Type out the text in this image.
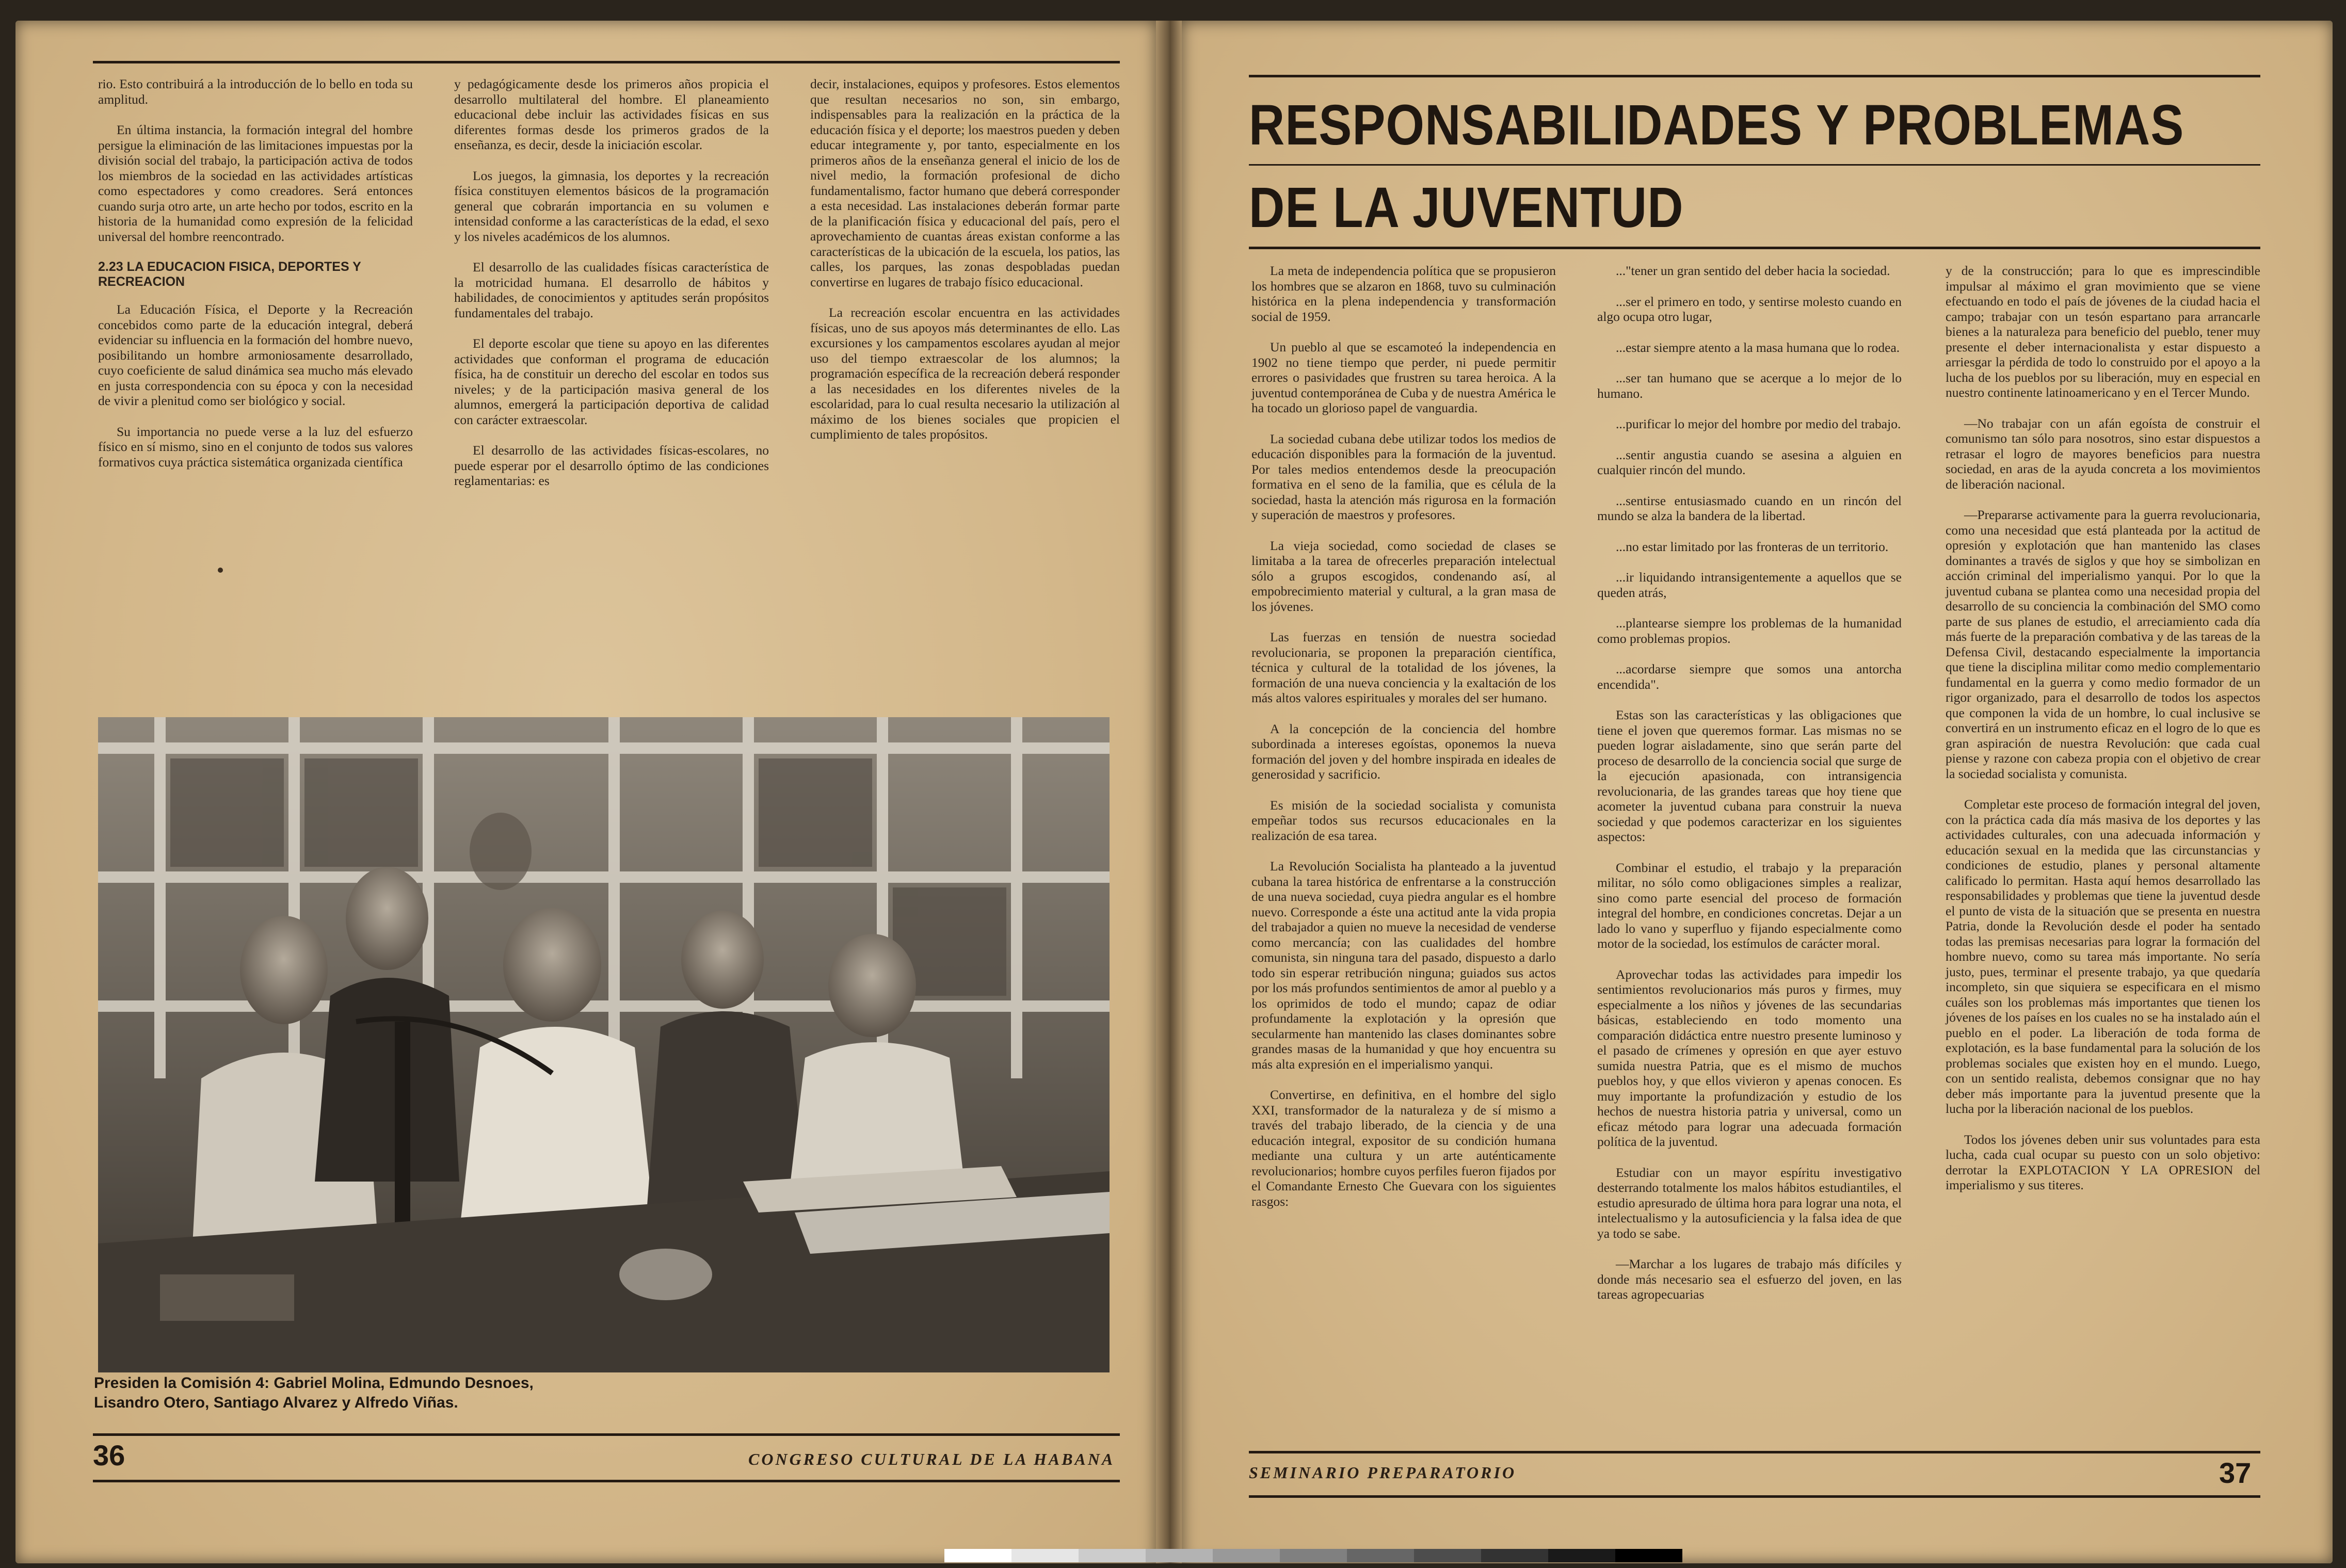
rio. Esto contribuirá a la introducción de lo bello en toda su amplitud.

En última instancia, la formación integral del hombre persigue la eliminación de las limitaciones impuestas por la división social del trabajo, la participación activa de todos los miembros de la sociedad en las actividades artísticas como espectadores y como creadores. Será entonces cuando surja otro arte, un arte hecho por todos, escrito en la historia de la humanidad como expresión de la felicidad universal del hombre reencontrado.

2.23 LA EDUCACION FISICA, DEPORTES Y RECREACION

La Educación Física, el Deporte y la Recreación concebidos como parte de la educación integral, deberá evidenciar su influencia en la formación del hombre nuevo, posibilitando un hombre armoniosamente desarrollado, cuyo coeficiente de salud dinámica sea mucho más elevado en justa correspondencia con su época y con la necesidad de vivir a plenitud como ser biológico y social.

Su importancia no puede verse a la luz del esfuerzo físico en sí mismo, sino en el conjunto de todos sus valores formativos cuya práctica sistemática organizada científica

y pedagógicamente desde los primeros años propicia el desarrollo multilateral del hombre. El planeamiento educacional debe incluir las actividades físicas en sus diferentes formas desde los primeros grados de la enseñanza, es decir, desde la iniciación escolar.

Los juegos, la gimnasia, los deportes y la recreación física constituyen elementos básicos de la programación general que cobrarán importancia en su volumen e intensidad conforme a las características de la edad, el sexo y los niveles académicos de los alumnos.

El desarrollo de las cualidades físicas característica de la motricidad humana. El desarrollo de hábitos y habilidades, de conocimientos y aptitudes serán propósitos fundamentales del trabajo.

El deporte escolar que tiene su apoyo en las diferentes actividades que conforman el programa de educación física, ha de constituir un derecho del escolar en todos sus niveles; y de la participación masiva general de los alumnos, emergerá la participación deportiva de calidad con carácter extraescolar.

El desarrollo de las actividades físicas-escolares, no puede esperar por el desarrollo óptimo de las condiciones reglamentarias: es

decir, instalaciones, equipos y profesores. Estos elementos que resultan necesarios no son, sin embargo, indispensables para la realización en la práctica de la educación física y el deporte; los maestros pueden y deben educar integramente y, por tanto, especialmente en los primeros años de la enseñanza general el inicio de los de nivel medio, la formación profesional de dicho fundamentalismo, factor humano que deberá corresponder a esta necesidad. Las instalaciones deberán formar parte de la planificación física y educacional del país, pero el aprovechamiento de cuantas áreas existan conforme a las características de la ubicación de la escuela, los patios, las calles, los parques, las zonas despobladas puedan convertirse en lugares de trabajo físico educacional.

La recreación escolar encuentra en las actividades físicas, uno de sus apoyos más determinantes de ello. Las excursiones y los campamentos escolares ayudan al mejor uso del tiempo extraescolar de los alumnos; la programación específica de la recreación deberá responder a las necesidades en los diferentes niveles de la escolaridad, para lo cual resulta necesario la utilización al máximo de los bienes sociales que propicien el cumplimiento de tales propósitos.

Presiden la Comisión 4: Gabriel Molina, Edmundo Desnoes, Lisandro Otero, Santiago Alvarez y Alfredo Viñas.
36	CONGRESO CULTURAL DE LA HABANA
RESPONSABILIDADES Y PROBLEMAS
DE LA JUVENTUD

La meta de independencia política que se propusieron los hombres que se alzaron en 1868, tuvo su culminación histórica en la plena independencia y transformación social de 1959.

Un pueblo al que se escamoteó la independencia en 1902 no tiene tiempo que perder, ni puede permitir errores o pasividades que frustren su tarea heroica. A la juventud contemporánea de Cuba y de nuestra América le ha tocado un glorioso papel de vanguardia.

La sociedad cubana debe utilizar todos los medios de educación disponibles para la formación de la juventud. Por tales medios entendemos desde la preocupación formativa en el seno de la familia, que es célula de la sociedad, hasta la atención más rigurosa en la formación y superación de maestros y profesores.

La vieja sociedad, como sociedad de clases se limitaba a la tarea de ofrecerles preparación intelectual sólo a grupos escogidos, condenando así, al empobrecimiento material y cultural, a la gran masa de los jóvenes.

Las fuerzas en tensión de nuestra sociedad revolucionaria, se proponen la preparación científica, técnica y cultural de la totalidad de los jóvenes, la formación de una nueva conciencia y la exaltación de los más altos valores espirituales y morales del ser humano.

A la concepción de la conciencia del hombre subordinada a intereses egoístas, oponemos la nueva formación del joven y del hombre inspirada en ideales de generosidad y sacrificio.

Es misión de la sociedad socialista y comunista empeñar todos sus recursos educacionales en la realización de esa tarea.

La Revolución Socialista ha planteado a la juventud cubana la tarea histórica de enfrentarse a la construcción de una nueva sociedad, cuya piedra angular es el hombre nuevo. Corresponde a éste una actitud ante la vida propia del trabajador a quien no mueve la necesidad de venderse como mercancía; con las cualidades del hombre comunista, sin ninguna tara del pasado, dispuesto a darlo todo sin esperar retribución ninguna; guiados sus actos por los más profundos sentimientos de amor al pueblo y a los oprimidos de todo el mundo; capaz de odiar profundamente la explotación y la opresión que secularmente han mantenido las clases dominantes sobre grandes masas de la humanidad y que hoy encuentra su más alta expresión en el imperialismo yanqui.

Convertirse, en definitiva, en el hombre del siglo XXI, transformador de la naturaleza y de sí mismo a través del trabajo liberado, de la ciencia y de una educación integral, expositor de su condición humana mediante una cultura y un arte auténticamente revolucionarios; hombre cuyos perfiles fueron fijados por el Comandante Ernesto Che Guevara con los siguientes rasgos:

..."tener un gran sentido del deber hacia la sociedad.

...ser el primero en todo, y sentirse molesto cuando en algo ocupa otro lugar,

...estar siempre atento a la masa humana que lo rodea.

...ser tan humano que se acerque a lo mejor de lo humano.

...purificar lo mejor del hombre por medio del trabajo.

...sentir angustia cuando se asesina a alguien en cualquier rincón del mundo.

...sentirse entusiasmado cuando en un rincón del mundo se alza la bandera de la libertad.

...no estar limitado por las fronteras de un territorio.

...ir liquidando intransigentemente a aquellos que se queden atrás,

...plantearse siempre los problemas de la humanidad como problemas propios.

...acordarse siempre que somos una antorcha encendida".

Estas son las características y las obligaciones que tiene el joven que queremos formar. Las mismas no se pueden lograr aisladamente, sino que serán parte del proceso de desarrollo de la conciencia social que surge de la ejecución apasionada, con intransigencia revolucionaria, de las grandes tareas que hoy tiene que acometer la juventud cubana para construir la nueva sociedad y que podemos caracterizar en los siguientes aspectos:

Combinar el estudio, el trabajo y la preparación militar, no sólo como obligaciones simples a realizar, sino como parte esencial del proceso de formación integral del hombre, en condiciones concretas. Dejar a un lado lo vano y superfluo y fijando especialmente como motor de la sociedad, los estímulos de carácter moral.

Aprovechar todas las actividades para impedir los sentimientos revolucionarios más puros y firmes, muy especialmente a los niños y jóvenes de las secundarias básicas, estableciendo en todo momento una comparación didáctica entre nuestro presente luminoso y el pasado de crímenes y opresión en que ayer estuvo sumida nuestra Patria, que es el mismo de muchos pueblos hoy, y que ellos vivieron y apenas conocen. Es muy importante la profundización y estudio de los hechos de nuestra historia patria y universal, como un eficaz método para lograr una adecuada formación política de la juventud.

Estudiar con un mayor espíritu investigativo desterrando totalmente los malos hábitos estudiantiles, el estudio apresurado de última hora para lograr una nota, el intelectualismo y la autosuficiencia y la falsa idea de que ya todo se sabe.

—Marchar a los lugares de trabajo más difíciles y donde más necesario sea el esfuerzo del joven, en las tareas agropecuarias

y de la construcción; para lo que es imprescindible impulsar al máximo el gran movimiento que se viene efectuando en todo el país de jóvenes de la ciudad hacia el campo; trabajar con un tesón espartano para arrancarle bienes a la naturaleza para beneficio del pueblo, tener muy presente el deber internacionalista y estar dispuesto a arriesgar la pérdida de todo lo construido por el apoyo a la lucha de los pueblos por su liberación, muy en especial en nuestro continente latinoamericano y en el Tercer Mundo.

—No trabajar con un afán egoísta de construir el comunismo tan sólo para nosotros, sino estar dispuestos a retrasar el logro de mayores beneficios para nuestra sociedad, en aras de la ayuda concreta a los movimientos de liberación nacional.

—Prepararse activamente para la guerra revolucionaria, como una necesidad que está planteada por la actitud de opresión y explotación que han mantenido las clases dominantes a través de siglos y que hoy se simbolizan en acción criminal del imperialismo yanqui. Por lo que la juventud cubana se plantea como una necesidad propia del desarrollo de su conciencia la combinación del SMO como parte de sus planes de estudio, el arreciamiento cada día más fuerte de la preparación combativa y de las tareas de la Defensa Civil, destacando especialmente la importancia que tiene la disciplina militar como medio complementario fundamental en la guerra y como medio formador de un rigor organizado, para el desarrollo de todos los aspectos que componen la vida de un hombre, lo cual inclusive se convertirá en un instrumento eficaz en el logro de lo que es gran aspiración de nuestra Revolución: que cada cual piense y razone con cabeza propia con el objetivo de crear la sociedad socialista y comunista.

Completar este proceso de formación integral del joven, con la práctica cada día más masiva de los deportes y las actividades culturales, con una adecuada información y educación sexual en la medida que las circunstancias y condiciones de estudio, planes y personal altamente calificado lo permitan. Hasta aquí hemos desarrollado las responsabilidades y problemas que tiene la juventud desde el punto de vista de la situación que se presenta en nuestra Patria, donde la Revolución desde el poder ha sentado todas las premisas necesarias para lograr la formación del hombre nuevo, como su tarea más importante. No sería justo, pues, terminar el presente trabajo, ya que quedaría incompleto, sin que siquiera se especificara en el mismo cuáles son los problemas más importantes que tienen los jóvenes de los países en los cuales no se ha instalado aún el pueblo en el poder. La liberación de toda forma de explotación, es la base fundamental para la solución de los problemas sociales que existen hoy en el mundo. Luego, con un sentido realista, debemos consignar que no hay deber más importante para la juventud presente que la lucha por la liberación nacional de los pueblos.

Todos los jóvenes deben unir sus voluntades para esta lucha, cada cual ocupar su puesto con un solo objetivo: derrotar la EXPLOTACION Y LA OPRESION del imperialismo y sus titeres.

SEMINARIO PREPARATORIO	37
